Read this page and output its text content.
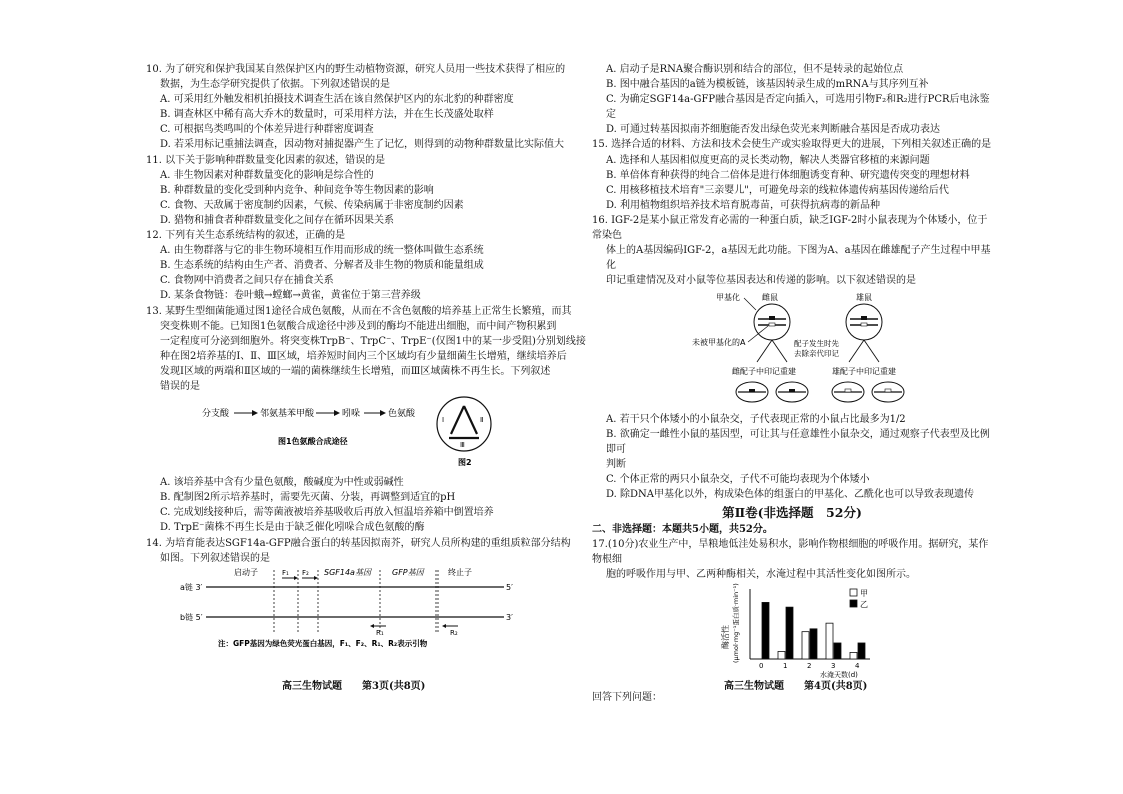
10. 为了研究和保护我国某自然保护区内的野生动植物资源，研究人员用一些技术获得了相应的

数据，为生态学研究提供了依据。下列叙述错误的是

A. 可采用红外触发相机拍摄技术调查生活在该自然保护区内的东北豹的种群密度

B. 调查林区中稀有高大乔木的数量时，可采用样方法，并在生长茂盛处取样

C. 可根据鸟类鸣叫的个体差异进行种群密度调查

D. 若采用标记重捕法调查，因动物对捕捉器产生了记忆，则得到的动物种群数量比实际值大

11. 以下关于影响种群数量变化因素的叙述，错误的是

A. 非生物因素对种群数量变化的影响是综合性的

B. 种群数量的变化受到种内竞争、种间竞争等生物因素的影响

C. 食物、天敌属于密度制约因素，气候、传染病属于非密度制约因素

D. 猎物和捕食者种群数量变化之间存在循环因果关系

12. 下列有关生态系统结构的叙述，正确的是

A. 由生物群落与它的非生物环境相互作用而形成的统一整体叫做生态系统

B. 生态系统的结构由生产者、消费者、分解者及非生物的物质和能量组成

C. 食物网中消费者之间只存在捕食关系

D. 某条食物链：卷叶蛾→螳螂→黄雀，黄雀位于第三营养级

13. 某野生型细菌能通过图1途径合成色氨酸，从而在不含色氨酸的培养基上正常生长繁殖，而其

突变株则不能。已知图1色氨酸合成途径中涉及到的酶均不能进出细胞，而中间产物积累到

一定程度可分泌到细胞外。将突变株TrpB⁻、TrpC⁻、TrpE⁻(仅图1中的某一步受阻)分别划线接

种在图2培养基的Ⅰ、Ⅱ、Ⅲ区域，培养短时间内三个区域均有少量细菌生长增殖，继续培养后

发现Ⅰ区域的两端和Ⅱ区域的一端的菌株继续生长增殖，而Ⅲ区域菌株不再生长。下列叙述

错误的是

分支酸	邻氨基苯甲酸	吲哚	色氨酸
图1色氨酸合成途径
Ⅰ	Ⅱ
Ⅲ
图2

A. 该培养基中含有少量色氨酸，酸碱度为中性或弱碱性

B. 配制图2所示培养基时，需要先灭菌、分装，再调整到适宜的pH

C. 完成划线接种后，需等菌液被培养基吸收后再放入恒温培养箱中倒置培养

D. TrpE⁻菌株不再生长是由于缺乏催化吲哚合成色氨酸的酶

14. 为培育能表达SGF14a-GFP融合蛋白的转基因拟南芥，研究人员所构建的重组质粒部分结构

如图。下列叙述错误的是

启动子	F₁ F₂ SGF14a基因	GFP基因	终止子
a链 3′	5′
b链 5′	3′
R₁	R₂
注：GFP基因为绿色荧光蛋白基因，F₁、F₂、R₁、R₂表示引物
高三生物试题　　第3页(共8页)

A. 启动子是RNA聚合酶识别和结合的部位，但不是转录的起始位点

B. 图中融合基因的a链为模板链，该基因转录生成的mRNA与其序列互补

C. 为确定SGF14a-GFP融合基因是否定向插入，可选用引物F₂和R₂进行PCR后电泳鉴定

D. 可通过转基因拟南芥细胞能否发出绿色荧光来判断融合基因是否成功表达

15. 选择合适的材料、方法和技术会使生产或实验取得更大的进展，下列相关叙述正确的是

A. 选择和人基因相似度更高的灵长类动物，解决人类器官移植的来源问题

B. 单倍体育种获得的纯合二倍体是进行体细胞诱变育种、研究遗传突变的理想材料

C. 用核移植技术培育"三亲婴儿"，可避免母亲的线粒体遗传病基因传递给后代

D. 利用植物组织培养技术培育脱毒苗，可获得抗病毒的新品种

16. IGF-2是某小鼠正常发育必需的一种蛋白质，缺乏IGF-2时小鼠表现为个体矮小，位于常染色

体上的A基因编码IGF-2，a基因无此功能。下图为A、a基因在雌雄配子产生过程中甲基化

印记重建情况及对小鼠等位基因表达和传递的影响。以下叙述错误的是

甲基化	雌鼠	雄鼠
未被甲基化的A	配子发生时先
去除亲代印记
雌配子中印记重建	雄配子中印记重建

A. 若干只个体矮小的小鼠杂交，子代表现正常的小鼠占比最多为1/2

B. 欲确定一雌性小鼠的基因型，可让其与任意雄性小鼠杂交，通过观察子代表型及比例即可

判断

C. 个体正常的两只小鼠杂交，子代不可能均表现为个体矮小

D. 除DNA甲基化以外，构成染色体的组蛋白的甲基化、乙酰化也可以导致表现遗传

第Ⅱ卷(非选择题　52分)

二、非选择题：本题共5小题，共52分。

17.(10分)农业生产中，旱粮地低洼处易积水，影响作物根细胞的呼吸作用。据研究，某作物根细

胞的呼吸作用与甲、乙两种酶相关，水淹过程中其活性变化如图所示。

0	1	2	3	4
水淹天数(d)
酶活性 (μmol·mg⁻¹蛋白质·min⁻¹)	甲
乙

回答下列问题：

高三生物试题　　第4页(共8页)
